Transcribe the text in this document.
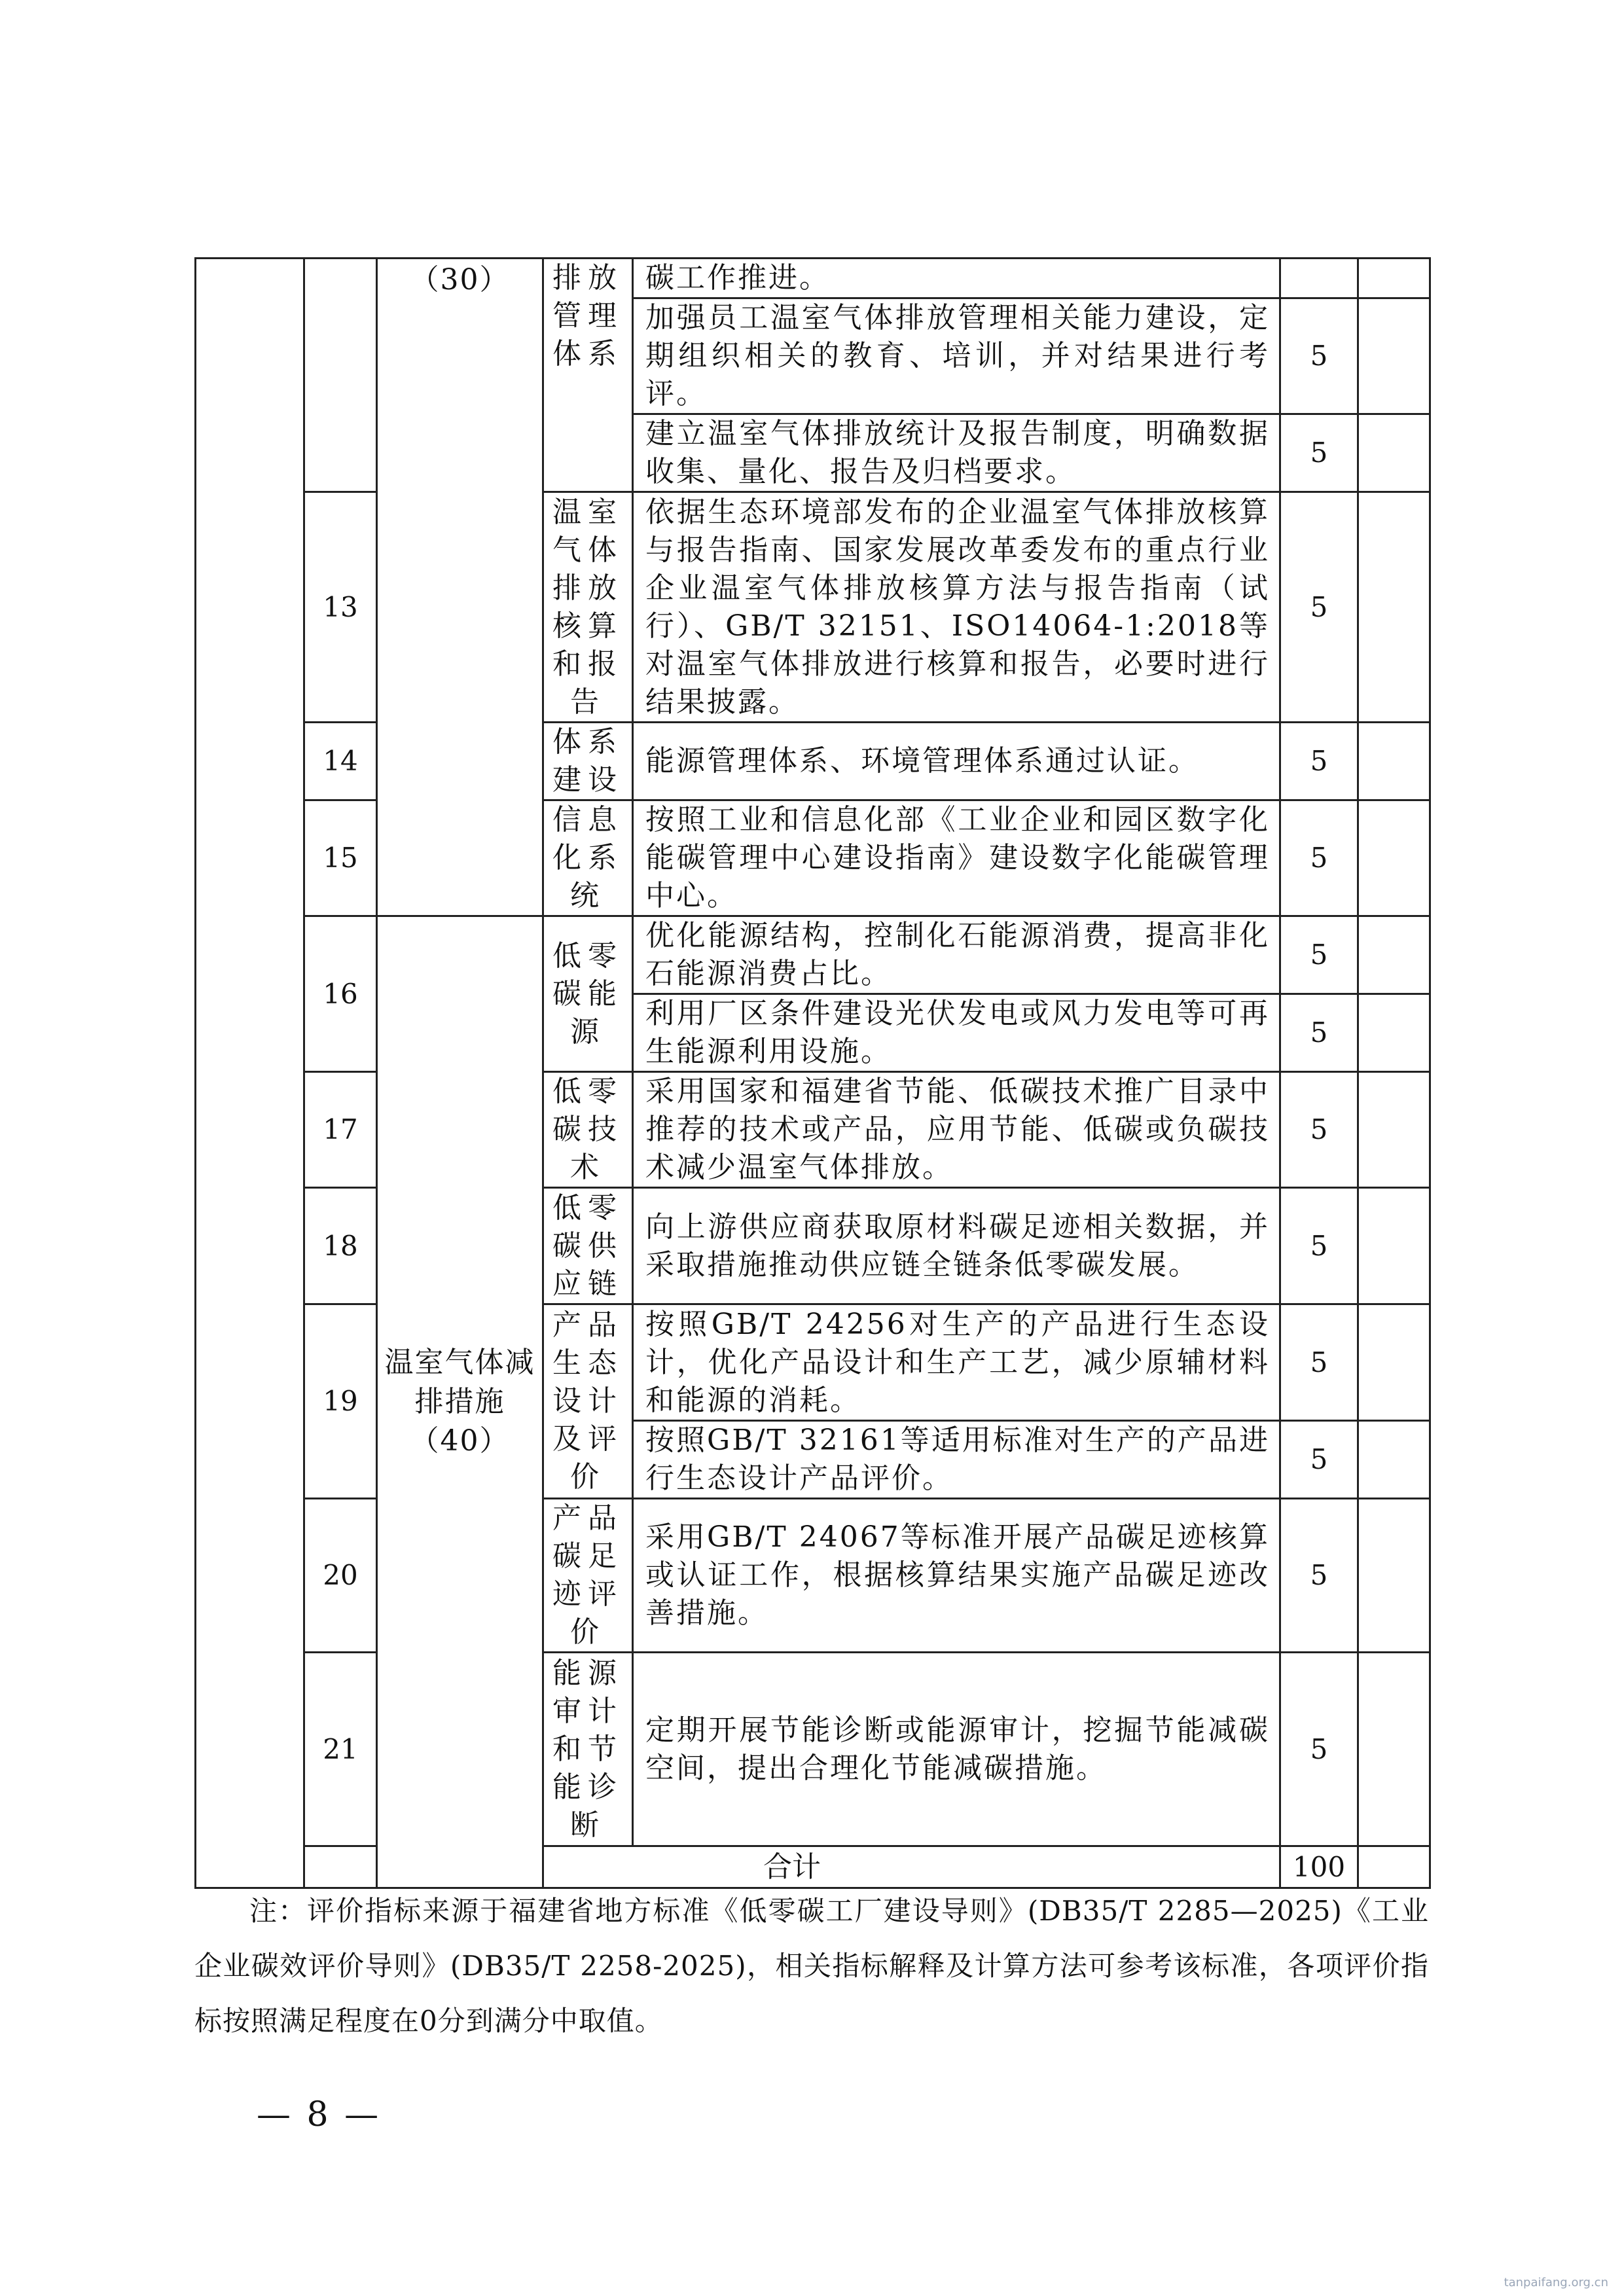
		（30）	排放管理体系	碳工作推进。		
				加强员工温室气体排放管理相关能力建设，定期组织相关的教育、培训，并对结果进行考评。	5	
				建立温室气体排放统计及报告制度，明确数据收集、量化、报告及归档要求。	5	
	13		温室气体排放核算和报告	依据生态环境部发布的企业温室气体排放核算与报告指南、国家发展改革委发布的重点行业企业温室气体排放核算方法与报告指南（试行）、GB/T 32151、ISO14064-1:2018等对温室气体排放进行核算和报告，必要时进行结果披露。	5	
	14		体系建设	能源管理体系、环境管理体系通过认证。	5	
	15		信息化系统	按照工业和信息化部《工业企业和园区数字化能碳管理中心建设指南》建设数字化能碳管理中心。	5	
	16	温室气体减排措施（40）	低零碳能源	优化能源结构，控制化石能源消费，提高非化石能源消费占比。	5	
				利用厂区条件建设光伏发电或风力发电等可再生能源利用设施。	5	
	17		低零碳技术	采用国家和福建省节能、低碳技术推广目录中推荐的技术或产品，应用节能、低碳或负碳技术减少温室气体排放。	5	
	18		低零碳供应链	向上游供应商获取原材料碳足迹相关数据，并采取措施推动供应链全链条低零碳发展。	5	
	19		产品生态设计及评价	按照GB/T 24256对生产的产品进行生态设计，优化产品设计和生产工艺，减少原辅材料和能源的消耗。	5	
				按照GB/T 32161等适用标准对生产的产品进行生态设计产品评价。	5	
	20		产品碳足迹评价	采用GB/T 24067等标准开展产品碳足迹核算或认证工作，根据核算结果实施产品碳足迹改善措施。	5	
	21		能源审计和节能诊断	定期开展节能诊断或能源审计，挖掘节能减碳空间，提出合理化节能减碳措施。	5	
	合计				100	

注：评价指标来源于福建省地方标准《低零碳工厂建设导则》(DB35/T 2285—2025)《工业企业碳效评价导则》(DB35/T 2258-2025)，相关指标解释及计算方法可参考该标准，各项评价指标按照满足程度在0分到满分中取值。

— 8 —
tanpaifang.org.cn
